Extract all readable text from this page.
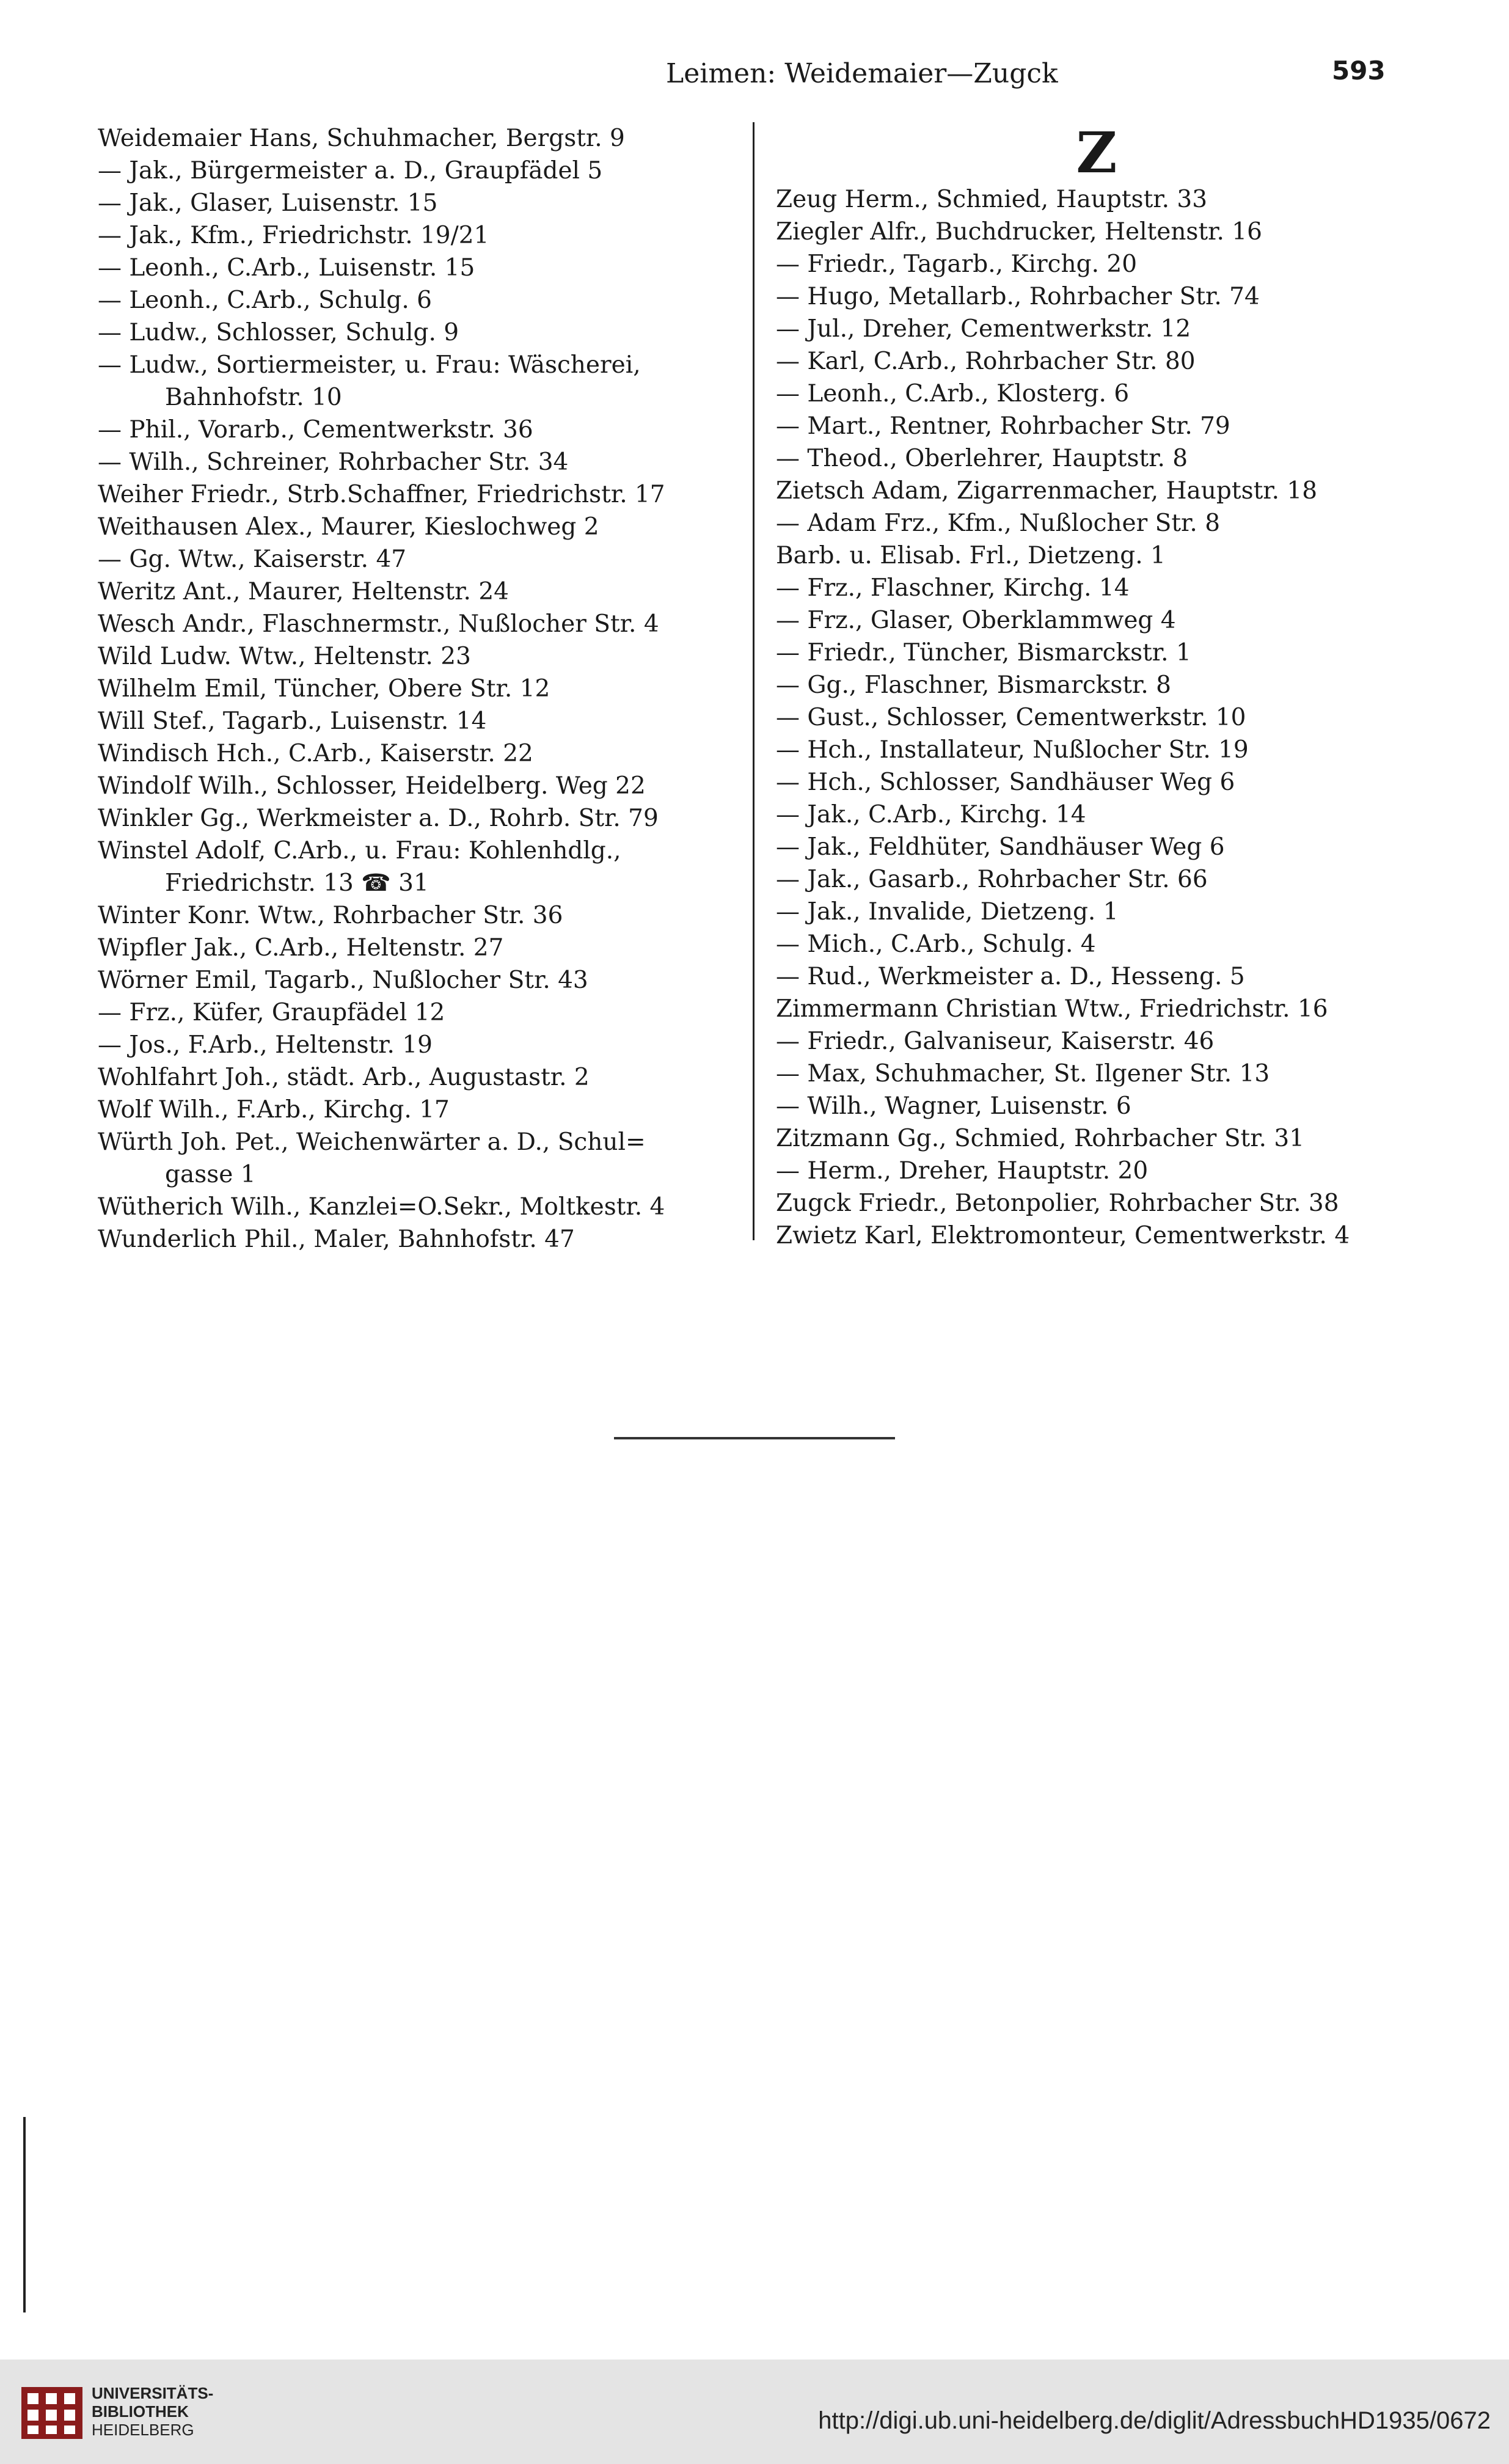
Leimen: Weidemaier—Zugck	593
Weidemaier Hans, Schuhmacher, Bergstr. 9
— Jak., Bürgermeister a. D., Graupfädel 5
— Jak., Glaser, Luisenstr. 15
— Jak., Kfm., Friedrichstr. 19/21
— Leonh., C.Arb., Luisenstr. 15
— Leonh., C.Arb., Schulg. 6
— Ludw., Schlosser, Schulg. 9
— Ludw., Sortiermeister, u. Frau: Wäscherei,
Bahnhofstr. 10
— Phil., Vorarb., Cementwerkstr. 36
— Wilh., Schreiner, Rohrbacher Str. 34
Weiher Friedr., Strb.Schaffner, Friedrichstr. 17
Weithausen Alex., Maurer, Kieslochweg 2
— Gg. Wtw., Kaiserstr. 47
Weritz Ant., Maurer, Heltenstr. 24
Wesch Andr., Flaschnermstr., Nußlocher Str. 4
Wild Ludw. Wtw., Heltenstr. 23
Wilhelm Emil, Tüncher, Obere Str. 12
Will Stef., Tagarb., Luisenstr. 14
Windisch Hch., C.Arb., Kaiserstr. 22
Windolf Wilh., Schlosser, Heidelberg. Weg 22
Winkler Gg., Werkmeister a. D., Rohrb. Str. 79
Winstel Adolf, C.Arb., u. Frau: Kohlenhdlg.,
Friedrichstr. 13 ☎ 31
Winter Konr. Wtw., Rohrbacher Str. 36
Wipfler Jak., C.Arb., Heltenstr. 27
Wörner Emil, Tagarb., Nußlocher Str. 43
— Frz., Küfer, Graupfädel 12
— Jos., F.Arb., Heltenstr. 19
Wohlfahrt Joh., städt. Arb., Augustastr. 2
Wolf Wilh., F.Arb., Kirchg. 17
Würth Joh. Pet., Weichenwärter a. D., Schul=
gasse 1
Wütherich Wilh., Kanzlei=O.Sekr., Moltkestr. 4
Wunderlich Phil., Maler, Bahnhofstr. 47
Z
Zeug Herm., Schmied, Hauptstr. 33
Ziegler Alfr., Buchdrucker, Heltenstr. 16
— Friedr., Tagarb., Kirchg. 20
— Hugo, Metallarb., Rohrbacher Str. 74
— Jul., Dreher, Cementwerkstr. 12
— Karl, C.Arb., Rohrbacher Str. 80
— Leonh., C.Arb., Klosterg. 6
— Mart., Rentner, Rohrbacher Str. 79
— Theod., Oberlehrer, Hauptstr. 8
Zietsch Adam, Zigarrenmacher, Hauptstr. 18
— Adam Frz., Kfm., Nußlocher Str. 8
Barb. u. Elisab. Frl., Dietzeng. 1
— Frz., Flaschner, Kirchg. 14
— Frz., Glaser, Oberklammweg 4
— Friedr., Tüncher, Bismarckstr. 1
— Gg., Flaschner, Bismarckstr. 8
— Gust., Schlosser, Cementwerkstr. 10
— Hch., Installateur, Nußlocher Str. 19
— Hch., Schlosser, Sandhäuser Weg 6
— Jak., C.Arb., Kirchg. 14
— Jak., Feldhüter, Sandhäuser Weg 6
— Jak., Gasarb., Rohrbacher Str. 66
— Jak., Invalide, Dietzeng. 1
— Mich., C.Arb., Schulg. 4
— Rud., Werkmeister a. D., Hesseng. 5
Zimmermann Christian Wtw., Friedrichstr. 16
— Friedr., Galvaniseur, Kaiserstr. 46
— Max, Schuhmacher, St. Ilgener Str. 13
— Wilh., Wagner, Luisenstr. 6
Zitzmann Gg., Schmied, Rohrbacher Str. 31
— Herm., Dreher, Hauptstr. 20
Zugck Friedr., Betonpolier, Rohrbacher Str. 38
Zwietz Karl, Elektromonteur, Cementwerkstr. 4
UNIVERSITÄTS-
BIBLIOTHEK
HEIDELBERG	http://digi.ub.uni-heidelberg.de/diglit/AdressbuchHD1935/0672
